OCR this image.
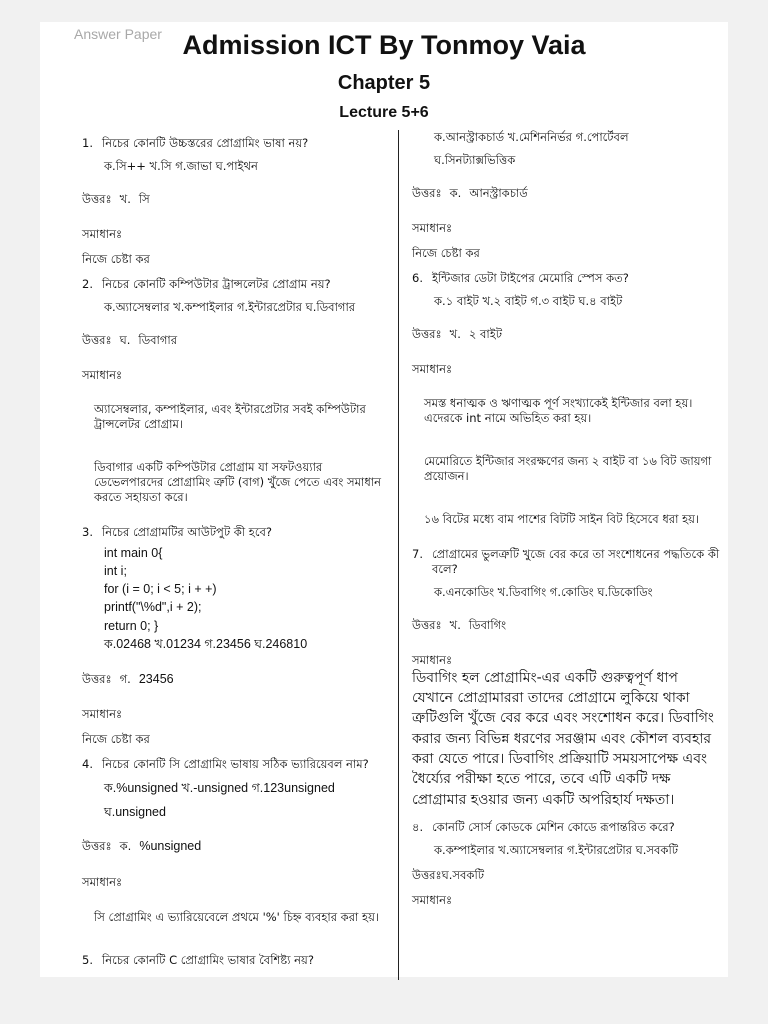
Answer Paper Admission ICT By Tonmoy Vaia
Chapter 5
Lecture 5+6
1. নিচের কোনটি উচ্চস্তরের প্রোগ্রামিং ভাষা নয়?
ক.সি++ খ.সি গ.জাভা ঘ.পাইথন
উত্তরঃ খ. সি
সমাধানঃ
নিজে চেষ্টা কর
2. নিচের কোনটি কম্পিউটার ট্রান্সলেটর প্রোগ্রাম নয়?
ক.অ্যাসেম্বলার খ.কম্পাইলার গ.ইন্টারপ্রেটার ঘ.ডিবাগার
উত্তরঃ ঘ. ডিবাগার
সমাধানঃ
অ্যাসেম্বলার, কম্পাইলার, এবং ইন্টারপ্রেটার সবই কম্পিউটার ট্রান্সলেটর প্রোগ্রাম।
ডিবাগার একটি কম্পিউটার প্রোগ্রাম যা সফটওয়্যার ডেভেলপারদের প্রোগ্রামিং ত্রুটি (বাগ) খুঁজে পেতে এবং সমাধান করতে সহায়তা করে।
3. নিচের প্রোগ্রামটির আউটপুট কী হবে?
int main 0{
int i;
for (i = 0; i < 5; i + +)
printf("\%d",i + 2);
return 0; }
ক.02468 খ.01234 গ.23456 ঘ.246810
উত্তরঃ গ. 23456
সমাধানঃ
নিজে চেষ্টা কর
4. নিচের কোনটি সি প্রোগ্রামিং ভাষায় সঠিক ভ্যারিয়েবল নাম?
ক.%unsigned খ.-unsigned গ.123unsigned
ঘ.unsigned
উত্তরঃ ক. %unsigned
সমাধানঃ
সি প্রোগ্রামিং এ ভ্যারিয়েবেলে প্রথমে '%' চিহ্ন ব্যবহার করা হয়।
5. নিচের কোনটি C প্রোগ্রামিং ভাষার বৈশিষ্ট্য নয়?
ক.আনস্ট্রাকচার্ড খ.মেশিননির্ভর গ.পোর্টেবল
ঘ.সিনট্যাক্সভিত্তিক
উত্তরঃ ক. আনস্ট্রাকচার্ড
সমাধানঃ
নিজে চেষ্টা কর
6. ইন্টিজার ডেটা টাইপের মেমোরি স্পেস কত?
ক.১ বাইট খ.২ বাইট গ.৩ বাইট ঘ.৪ বাইট
উত্তরঃ খ. ২ বাইট
সমাধানঃ
সমস্ত ধনাত্মক ও ঋণাত্মক পূর্ণ সংখ্যাকেই ইন্টিজার বলা হয়। এদেরকে int নামে অভিহিত করা হয়।
মেমোরিতে ইন্টিজার সংরক্ষণের জন্য ২ বাইট বা ১৬ বিট জায়গা প্রয়োজন।
১৬ বিটের মধ্যে বাম পাশের বিটটি সাইন বিট হিসেবে ধরা হয়।
7. প্রোগ্রামের ভুলত্রুটি খুজে বের করে তা সংশোধনের পদ্ধতিকে কী বলে?
ক.এনকোডিং খ.ডিবাগিং গ.কোডিং ঘ.ডিকোডিং
উত্তরঃ খ. ডিবাগিং
সমাধানঃ
ডিবাগিং হল প্রোগ্রামিং-এর একটি গুরুত্বপূর্ণ ধাপ যেখানে প্রোগ্রামাররা তাদের প্রোগ্রামে লুকিয়ে থাকা ত্রুটিগুলি খুঁজে বের করে এবং সংশোধন করে। ডিবাগিং করার জন্য বিভিন্ন ধরণের সরঞ্জাম এবং কৌশল ব্যবহার করা যেতে পারে। ডিবাগিং প্রক্রিয়াটি সময়সাপেক্ষ এবং ধৈর্য্যের পরীক্ষা হতে পারে, তবে এটি একটি দক্ষ প্রোগ্রামার হওয়ার জন্য একটি অপরিহার্য দক্ষতা।
৪. কোনটি সোর্স কোডকে মেশিন কোডে রূপান্তরিত করে?
ক.কম্পাইলার খ.অ্যাসেম্বলার গ.ইন্টারপ্রেটার ঘ.সবকটি
উত্তরঃঘ.সবকটি
সমাধানঃ
